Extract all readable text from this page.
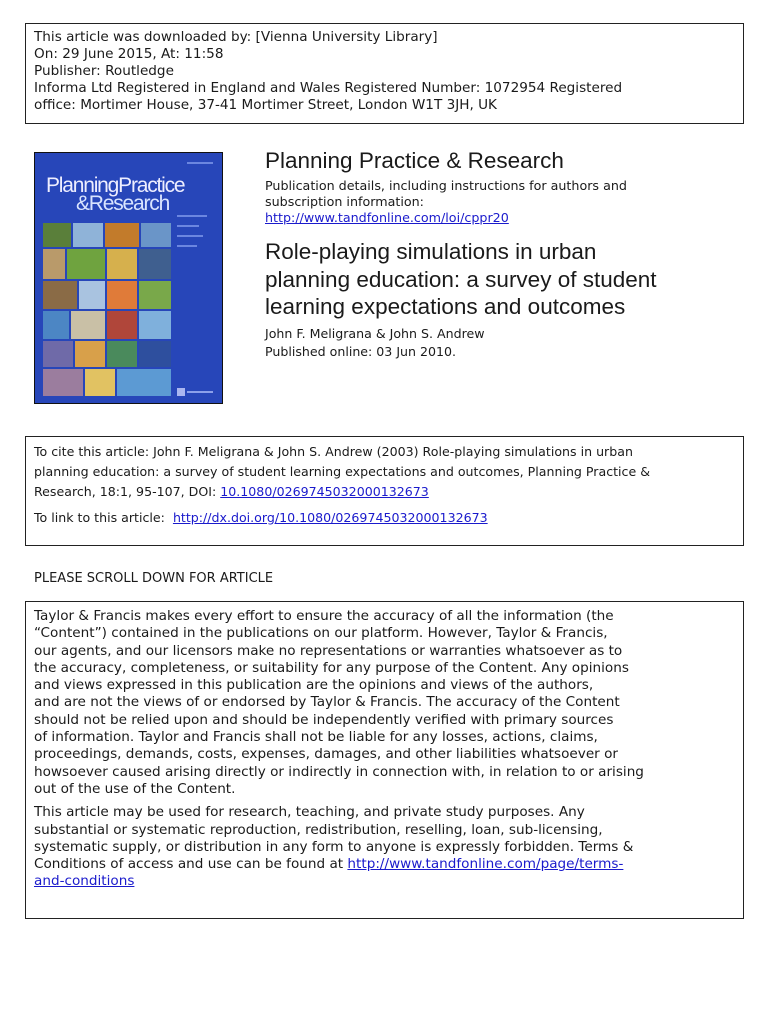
This article was downloaded by: [Vienna University Library]
On: 29 June 2015, At: 11:58
Publisher: Routledge
Informa Ltd Registered in England and Wales Registered Number: 1072954 Registered
office: Mortimer House, 37-41 Mortimer Street, London W1T 3JH, UK
PlanningPractice
&Research
Planning Practice & Research
Publication details, including instructions for authors and
subscription information:
http://www.tandfonline.com/loi/cppr20
Role-playing simulations in urban
planning education: a survey of student
learning expectations and outcomes
John F. Meligrana & John S. Andrew
Published online: 03 Jun 2010.
To cite this article: John F. Meligrana & John S. Andrew (2003) Role-playing simulations in urban
planning education: a survey of student learning expectations and outcomes, Planning Practice &
Research, 18:1, 95-107, DOI: 10.1080/0269745032000132673
To link to this article: http://dx.doi.org/10.1080/0269745032000132673
PLEASE SCROLL DOWN FOR ARTICLE
Taylor & Francis makes every effort to ensure the accuracy of all the information (the
“Content”) contained in the publications on our platform. However, Taylor & Francis,
our agents, and our licensors make no representations or warranties whatsoever as to
the accuracy, completeness, or suitability for any purpose of the Content. Any opinions
and views expressed in this publication are the opinions and views of the authors,
and are not the views of or endorsed by Taylor & Francis. The accuracy of the Content
should not be relied upon and should be independently verified with primary sources
of information. Taylor and Francis shall not be liable for any losses, actions, claims,
proceedings, demands, costs, expenses, damages, and other liabilities whatsoever or
howsoever caused arising directly or indirectly in connection with, in relation to or arising
out of the use of the Content.
This article may be used for research, teaching, and private study purposes. Any
substantial or systematic reproduction, redistribution, reselling, loan, sub-licensing,
systematic supply, or distribution in any form to anyone is expressly forbidden. Terms &
Conditions of access and use can be found at http://www.tandfonline.com/page/terms-
and-conditions
